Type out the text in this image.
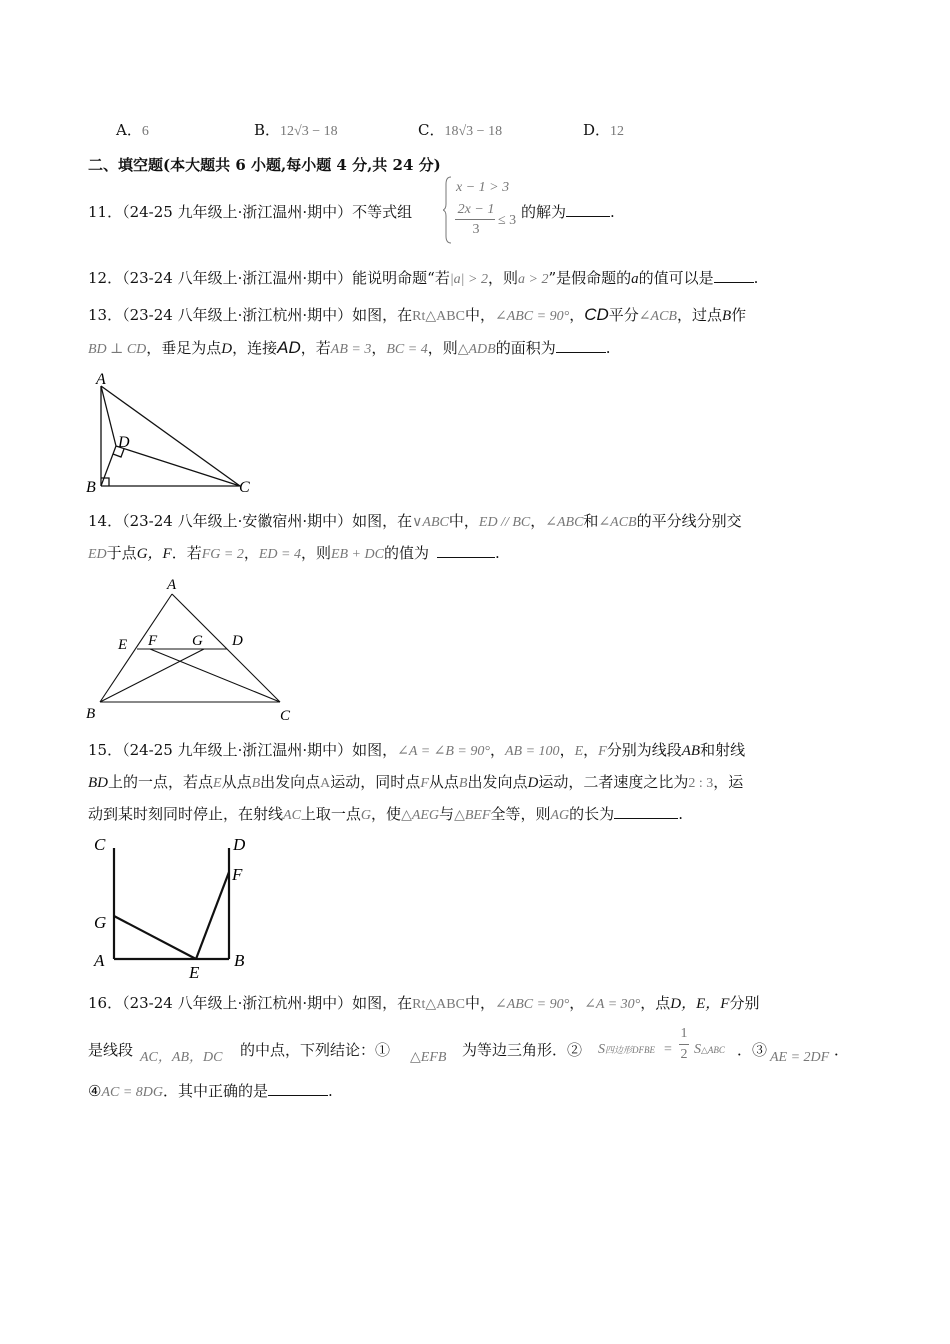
A．6	B．12√3 − 18	C．18√3 − 18	D．12
二、填空题(本大题共 6 小题,每小题 4 分,共 24 分)
11．（24-25 九年级上·浙江温州·期中）不等式组
x − 1 > 3
2x − 1
3
≤ 3 的解为	.
12．（23-24 八年级上·浙江温州·期中）能说明命题“若|a| > 2，则a > 2”是假命题的a的值可以是	.
13．（23-24 八年级上·浙江杭州·期中）如图，在Rt△ABC中，∠ABC = 90°，CD平分∠ACB，过点B作
BD ⊥ CD，垂足为点D，连接AD，若AB = 3，BC = 4，则△ADB的面积为	.
A
D
B	C
14．（23-24 八年级上·安徽宿州·期中）如图，在∨ABC中，ED // BC，∠ABC和∠ACB的平分线分别交
ED于点G，F．若FG = 2，ED = 4，则EB + DC的值为	.
A
E F G D
B	C
15．（24-25 九年级上·浙江温州·期中）如图，∠A = ∠B = 90°，AB = 100，E，F分别为线段AB和射线
BD上的一点，若点E从点B出发向点A运动，同时点F从点B出发向点D运动，二者速度之比为2 : 3，运
动到某时刻同时停止，在射线AC上取一点G，使△AEG与△BEF全等，则AG的长为	.
C	D
F
G
A
E
B
16．（23-24 八年级上·浙江杭州·期中）如图，在Rt△ABC中，∠ABC = 90°，∠A = 30°，点D，E，F分别
是线段 AC，AB，DC 的中点，下列结论：① △EFB 为等边三角形．② S四边形DFBE =
1
2 S△ABC ．③ AE = 2DF ．
④AC = 8DG．其中正确的是	.
